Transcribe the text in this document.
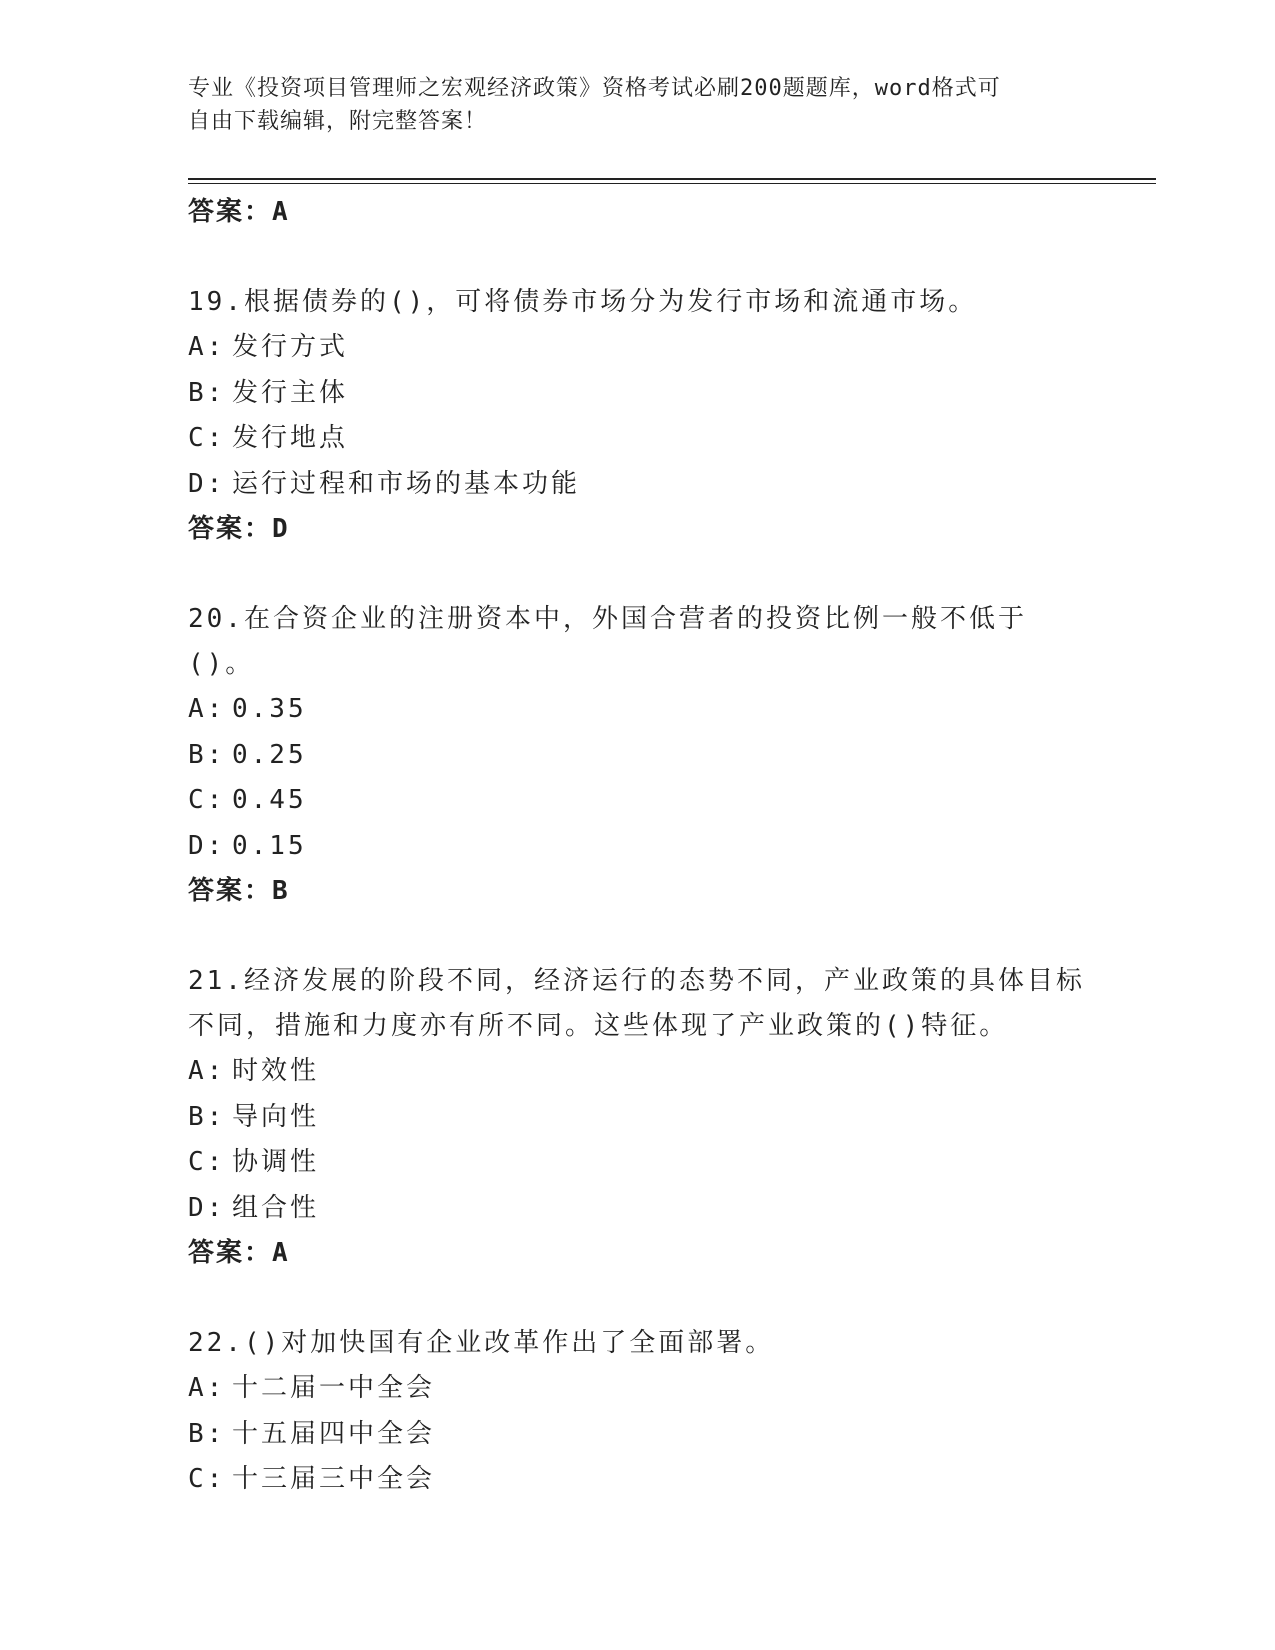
专业《投资项目管理师之宏观经济政策》资格考试必刷200题题库，word格式可
自由下载编辑，附完整答案！
答案：A
19.根据债券的()，可将债券市场分为发行市场和流通市场。
A: 发行方式
B: 发行主体
C: 发行地点
D: 运行过程和市场的基本功能
答案：D
20.在合资企业的注册资本中，外国合营者的投资比例一般不低于()。
A: 0.35
B: 0.25
C: 0.45
D: 0.15
答案：B
21.经济发展的阶段不同，经济运行的态势不同，产业政策的具体目标
不同，措施和力度亦有所不同。这些体现了产业政策的()特征。
A: 时效性
B: 导向性
C: 协调性
D: 组合性
答案：A
22.()对加快国有企业改革作出了全面部署。
A: 十二届一中全会
B: 十五届四中全会
C: 十三届三中全会
